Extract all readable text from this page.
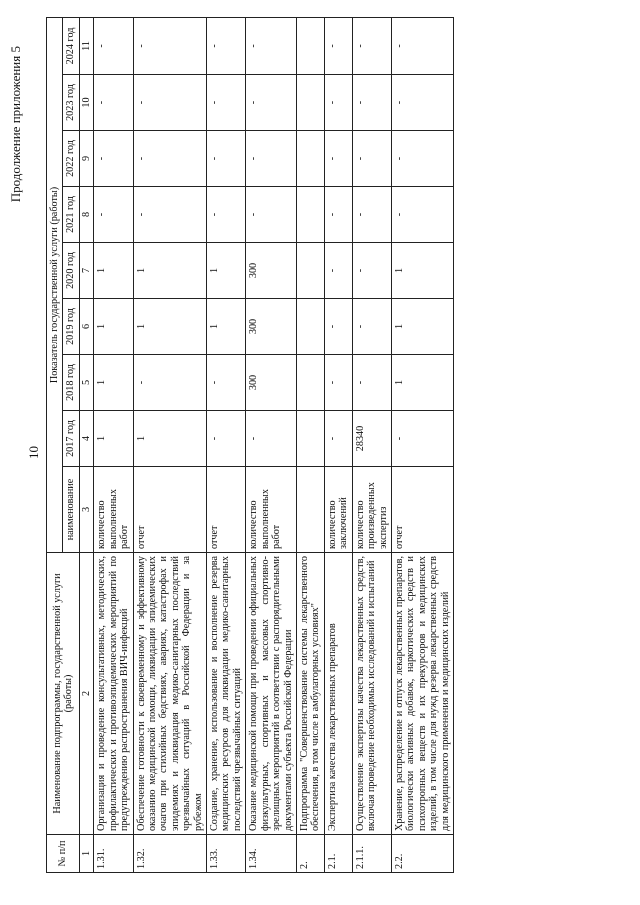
10
Продолжение приложения 5
№ п/п	Наименование подпрограммы, государственной услуги (работы)	Показатель государственной услуги (работы)								
		наименование	2017 год	2018 год	2019 год	2020 год	2021 год	2022 год	2023 год	2024 год
1	2	3	4	5	6	7	8	9	10	11
1.31.	Организация и проведение консультативных, методических, профилактических и противоэпидемических мероприятий по предупреждению распространения ВИЧ-инфекций	количество выполненных работ	1	1	1	1	-	-	-	-
1.32.	Обеспечение готовности к своевременному и эффективному оказанию медицинской помощи, ликвидации эпидемических очагов при стихийных бедствиях, авариях, катастрофах и эпидемиях и ликвидация медико-санитарных последствий чрезвычайных ситуаций в Российской Федерации и за рубежом	отчет	1	-	1	1	-	-	-	-
1.33.	Создание, хранение, использование и восполнение резерва медицинских ресурсов для ликвидации медико-санитарных последствий чрезвычайных ситуаций	отчет	-	-	1	1	-	-	-	-
1.34.	Оказание медицинской помощи при проведении официальных физкультурных, спортивных и массовых спортивно-зрелищных мероприятий в соответствии с распорядительными документами субъекта Российской Федерации	количество выполненных работ	-	300	300	300	-	-	-	-
2.	Подпрограмма "Совершенствование системы лекарственного обеспечения, в том числе в амбулаторных условиях"									
2.1.	Экспертиза качества лекарственных препаратов	количество заключений	-	-	-	-	-	-	-	-
2.1.1.	Осуществление экспертизы качества лекарственных средств, включая проведение необходимых исследований и испытаний	количество произведенных экспертиз	28340	-	-	-	-	-	-	-
2.2.	Хранение, распределение и отпуск лекарственных препаратов, биологически активных добавок, наркотических средств и психотропных веществ и их прекурсоров и медицинских изделий, в том числе для нужд резерва лекарственных средств для медицинского применения и медицинских изделий	отчет	-	1	1	1	-	-	-	-
